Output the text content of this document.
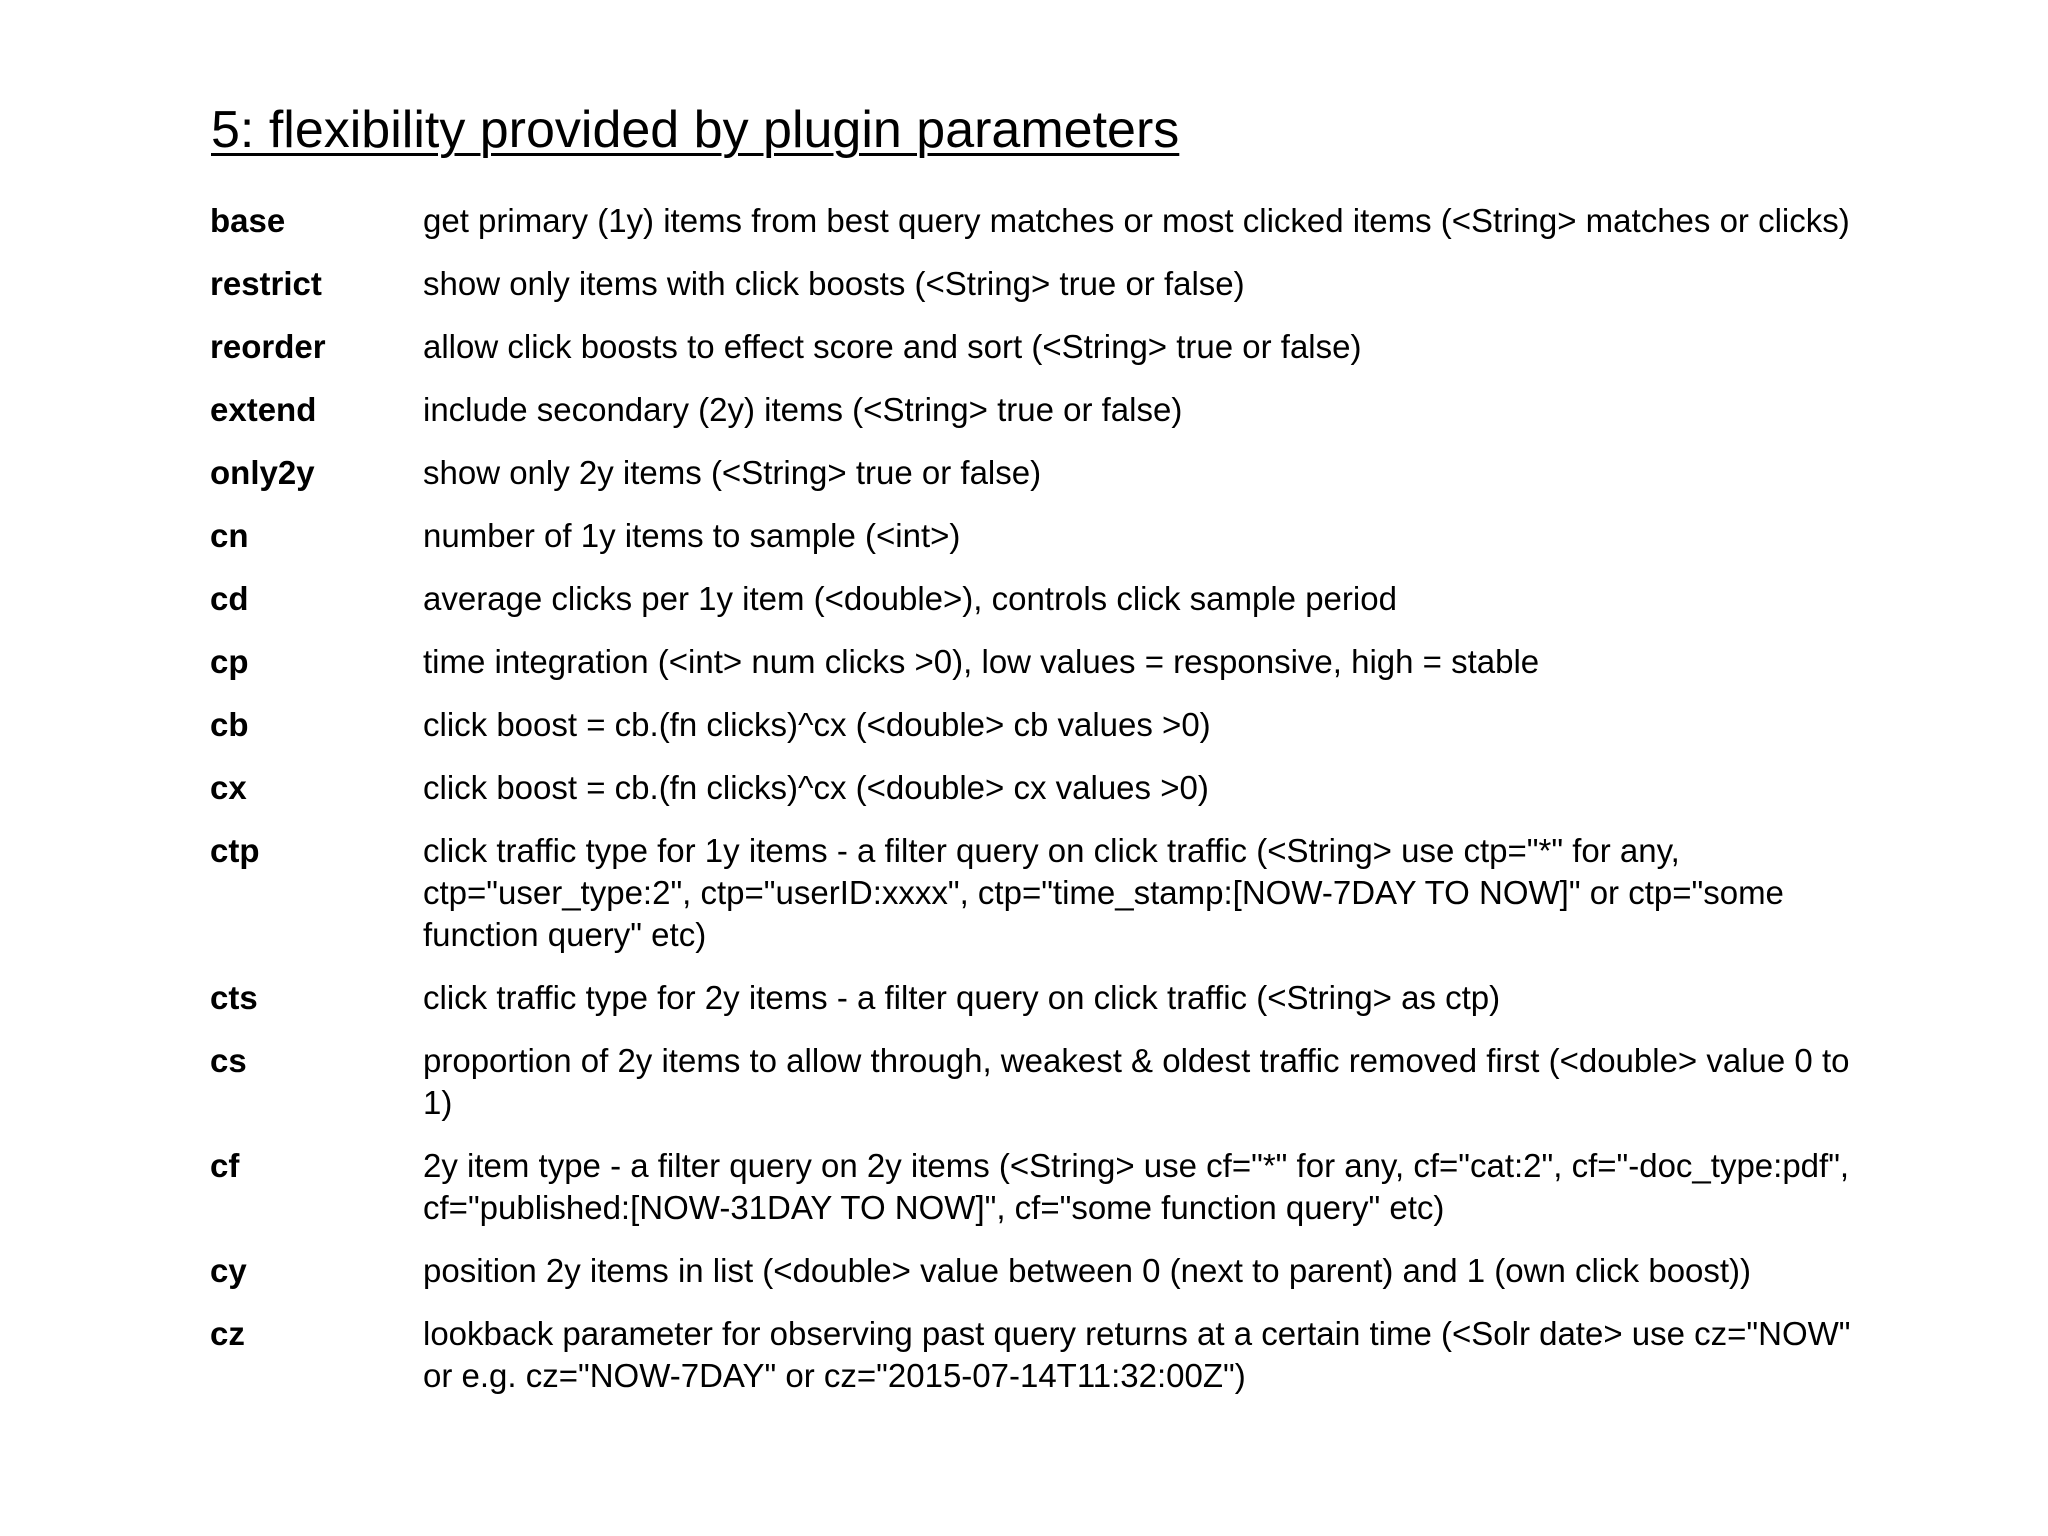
5: flexibility provided by plugin parameters
base	get primary (1y) items from best query matches or most clicked items (<String> matches or clicks)
restrict	show only items with click boosts (<String> true or false)
reorder	allow click boosts to effect score and sort (<String> true or false)
extend	include secondary (2y) items (<String> true or false)
only2y	show only 2y items (<String> true or false)
cn	number of 1y items to sample (<int>)
cd	average clicks per 1y item (<double>), controls click sample period
cp	time integration (<int> num clicks >0), low values = responsive, high = stable
cb	click boost = cb.(fn clicks)^cx (<double> cb values >0)
cx	click boost = cb.(fn clicks)^cx (<double> cx values >0)
ctp	click traffic type for 1y items - a filter query on click traffic (<String> use ctp="*" for any, ctp="user_type:2", ctp="userID:xxxx", ctp="time_stamp:[NOW-7DAY TO NOW]" or ctp="some function query" etc)
cts	click traffic type for 2y items - a filter query on click traffic (<String> as ctp)
cs	proportion of 2y items to allow through, weakest & oldest traffic removed first (<double> value 0 to 1)
cf	2y item type - a filter query on 2y items (<String> use cf="*" for any, cf="cat:2", cf="-doc_type:pdf", cf="published:[NOW-31DAY TO NOW]", cf="some function query" etc)
cy	position 2y items in list (<double> value between 0 (next to parent) and 1 (own click boost))
cz	lookback parameter for observing past query returns at a certain time (<Solr date> use cz="NOW" or e.g. cz="NOW-7DAY" or cz="2015-07-14T11:32:00Z")
